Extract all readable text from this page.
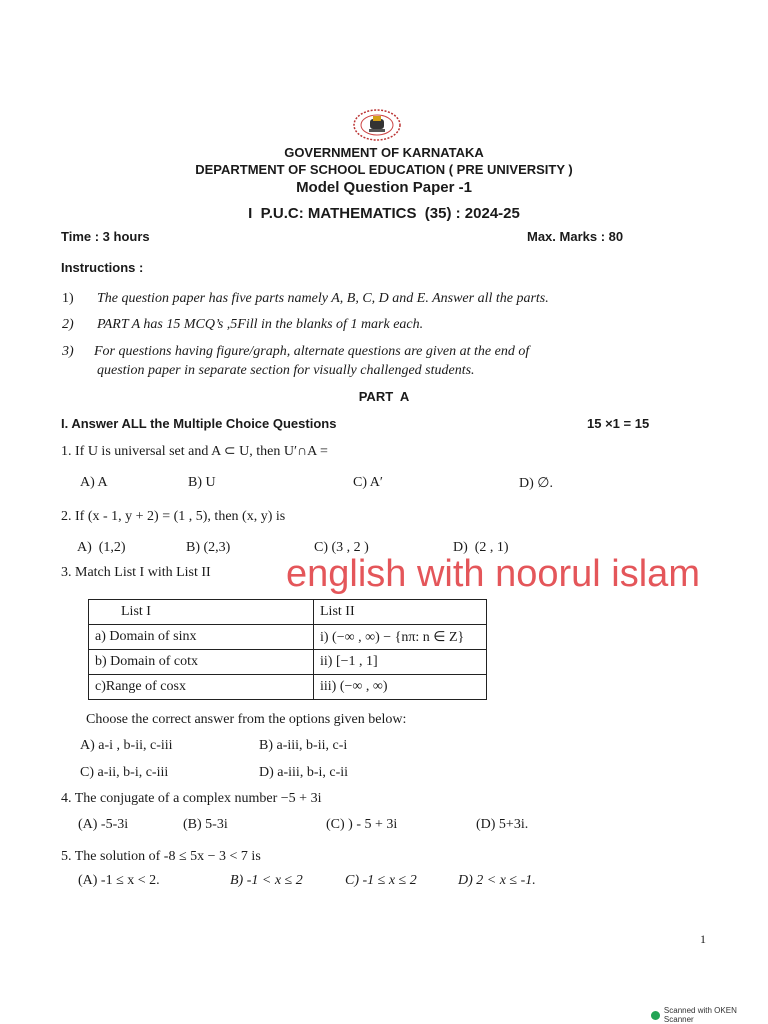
GOVERNMENT OF KARNATAKA
DEPARTMENT OF SCHOOL EDUCATION ( PRE UNIVERSITY )
Model Question Paper -1
I  P.U.C: MATHEMATICS  (35) : 2024-25
Time : 3 hours	Max. Marks : 80
Instructions :
1) The question paper has five parts namely A, B, C, D and E. Answer all the parts.
2) PART A has 15 MCQ’s ,5Fill in the blanks of 1 mark each.
3) For questions having figure/graph, alternate questions are given at the end of
question paper in separate section for visually challenged students.
PART  A
I. Answer ALL the Multiple Choice Questions	15 ×1 = 15
1. If U is universal set and A ⊂ U, then U′∩A =
A) A	B) U	C) A′	D) ∅.
2. If (x - 1, y + 2) = (1 , 5), then (x, y) is
A)  (1,2)	B) (2,3)	C) (3 , 2 )	D)  (2 , 1)
3. Match List I with List II
List I	List II
a) Domain of sinx	i) (−∞ , ∞) − {nπ: n ∈ Z}
b) Domain of cotx	ii) [−1 , 1]
c)Range of cosx	iii) (−∞ , ∞)
Choose the correct answer from the options given below:
A) a-i , b-ii, c-iii	B) a-iii, b-ii, c-i
C) a-ii, b-i, c-iii	D) a-iii, b-i, c-ii
4. The conjugate of a complex number −5 + 3i
(A) -5-3i	(B) 5-3i	(C) ) - 5 + 3i	(D) 5+3i.
5. The solution of -8 ≤ 5x − 3 < 7 is
(A) -1 ≤ x < 2.	B) -1 < x ≤ 2	C) -1 ≤ x ≤ 2	D) 2 < x ≤ -1.
english with noorul islam
1
Scanned with OKEN Scanner
